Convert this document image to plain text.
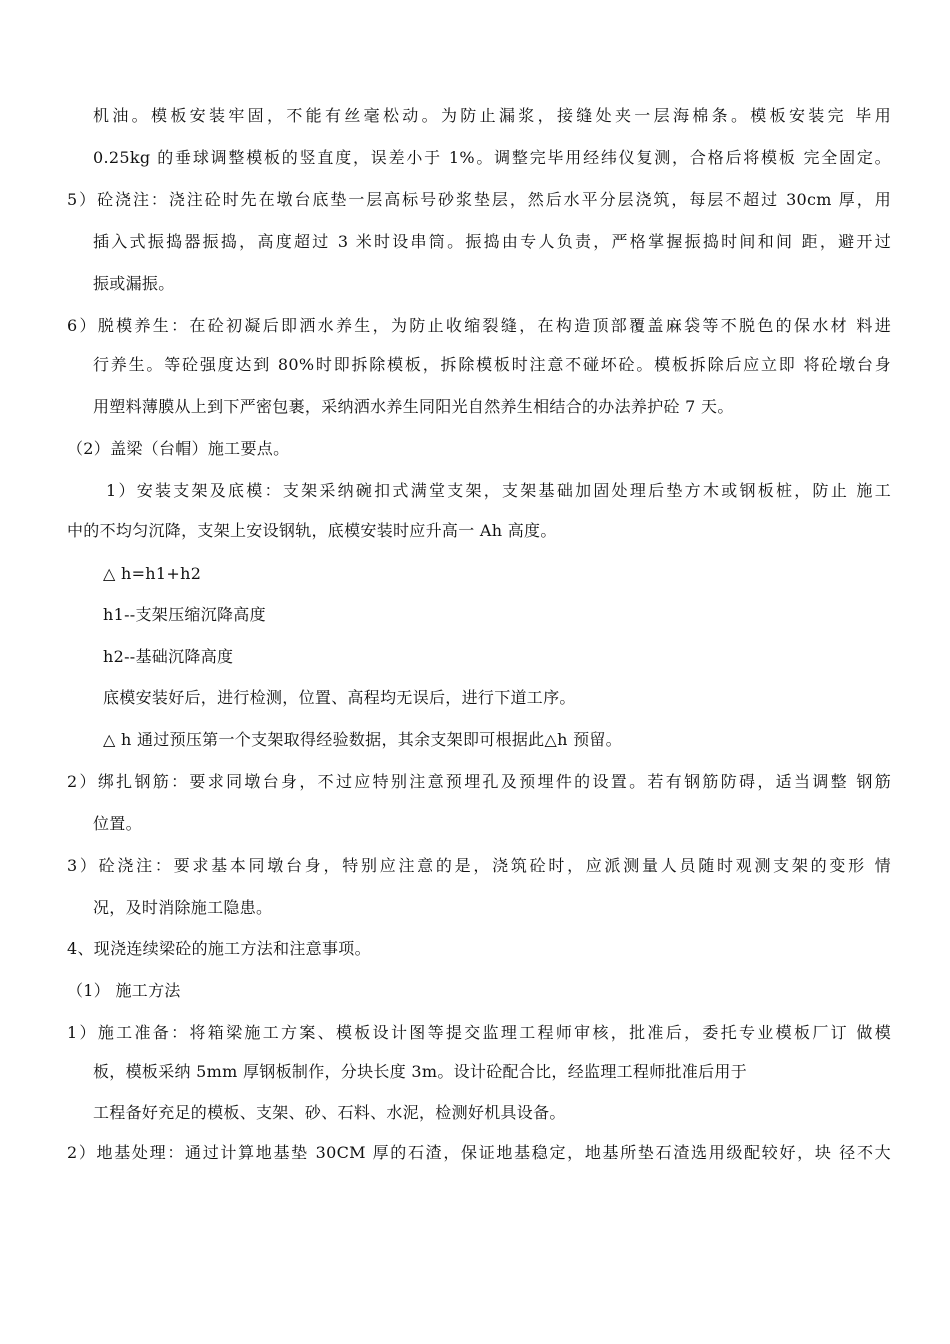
机油。模板安装牢固，不能有丝毫松动。为防止漏浆，接缝处夹一层海棉条。模板安装完 毕用
0.25kg 的垂球调整模板的竖直度，误差小于 1%。调整完毕用经纬仪复测，合格后将模板 完全固定。
5）砼浇注：浇注砼时先在墩台底垫一层高标号砂浆垫层，然后水平分层浇筑，每层不超过 30cm 厚，用
插入式振捣器振捣，高度超过 3 米时设串筒。振捣由专人负责，严格掌握振捣时间和间 距，避开过
振或漏振。
6）脱模养生：在砼初凝后即洒水养生，为防止收缩裂缝，在构造顶部覆盖麻袋等不脱色的保水材 料进
行养生。等砼强度达到 80%时即拆除模板，拆除模板时注意不碰坏砼。模板拆除后应立即 将砼墩台身
用塑料薄膜从上到下严密包裹，采纳洒水养生同阳光自然养生相结合的办法养护砼 7 天。
（2）盖梁（台帽）施工要点。
1）安装支架及底模：支架采纳碗扣式满堂支架，支架基础加固处理后垫方木或钢板桩，防止 施工
中的不均匀沉降，支架上安设钢轨，底模安装时应升高一 Ah 高度。
△ h=h1+h2
h1--支架压缩沉降高度
h2--基础沉降高度
底模安装好后，进行检测，位置、高程均无误后，进行下道工序。
△ h 通过预压第一个支架取得经验数据，其余支架即可根据此△h 预留。
2）绑扎钢筋：要求同墩台身，不过应特别注意预埋孔及预埋件的设置。若有钢筋防碍，适当调整 钢筋
位置。
3）砼浇注：要求基本同墩台身，特别应注意的是，浇筑砼时，应派测量人员随时观测支架的变形 情
况，及时消除施工隐患。
4、现浇连续梁砼的施工方法和注意事项。
（1） 施工方法
1）施工准备：将箱梁施工方案、模板设计图等提交监理工程师审核，批准后，委托专业模板厂订 做模
板，模板采纳 5mm 厚钢板制作，分块长度 3m。设计砼配合比，经监理工程师批准后用于
工程备好充足的模板、支架、砂、石料、水泥，检测好机具设备。
2）地基处理：通过计算地基垫 30CM 厚的石渣，保证地基稳定，地基所垫石渣选用级配较好，块 径不大
